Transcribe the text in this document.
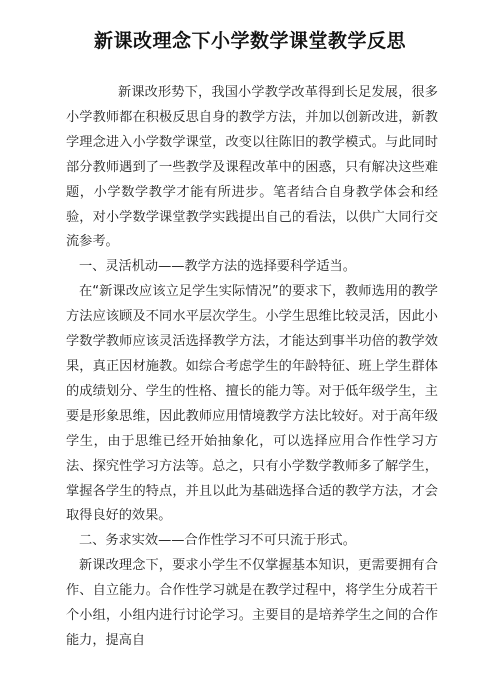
新课改理念下小学数学课堂教学反思

新课改形势下，我国小学教学改革得到长足发展，很多小学教师都在积极反思自身的教学方法，并加以创新改进，新教学理念进入小学数学课堂，改变以往陈旧的教学模式。与此同时部分教师遇到了一些教学及课程改革中的困惑，只有解决这些难题，小学数学教学才能有所进步。笔者结合自身教学体会和经验，对小学数学课堂教学实践提出自己的看法，以供广大同行交流参考。

一、灵活机动——教学方法的选择要科学适当。

在“新课改应该立足学生实际情况”的要求下，教师选用的教学方法应该顾及不同水平层次学生。小学生思维比较灵活，因此小学数学教师应该灵活选择教学方法，才能达到事半功倍的教学效果，真正因材施教。如综合考虑学生的年龄特征、班上学生群体的成绩划分、学生的性格、擅长的能力等。对于低年级学生，主要是形象思维，因此教师应用情境教学方法比较好。对于高年级学生，由于思维已经开始抽象化，可以选择应用合作性学习方法、探究性学习方法等。总之，只有小学数学教师多了解学生，掌握各学生的特点，并且以此为基础选择合适的教学方法，才会取得良好的效果。

二、务求实效——合作性学习不可只流于形式。

新课改理念下，要求小学生不仅掌握基本知识，更需要拥有合作、自立能力。合作性学习就是在教学过程中，将学生分成若干个小组，小组内进行讨论学习。主要目的是培养学生之间的合作能力，提高自
